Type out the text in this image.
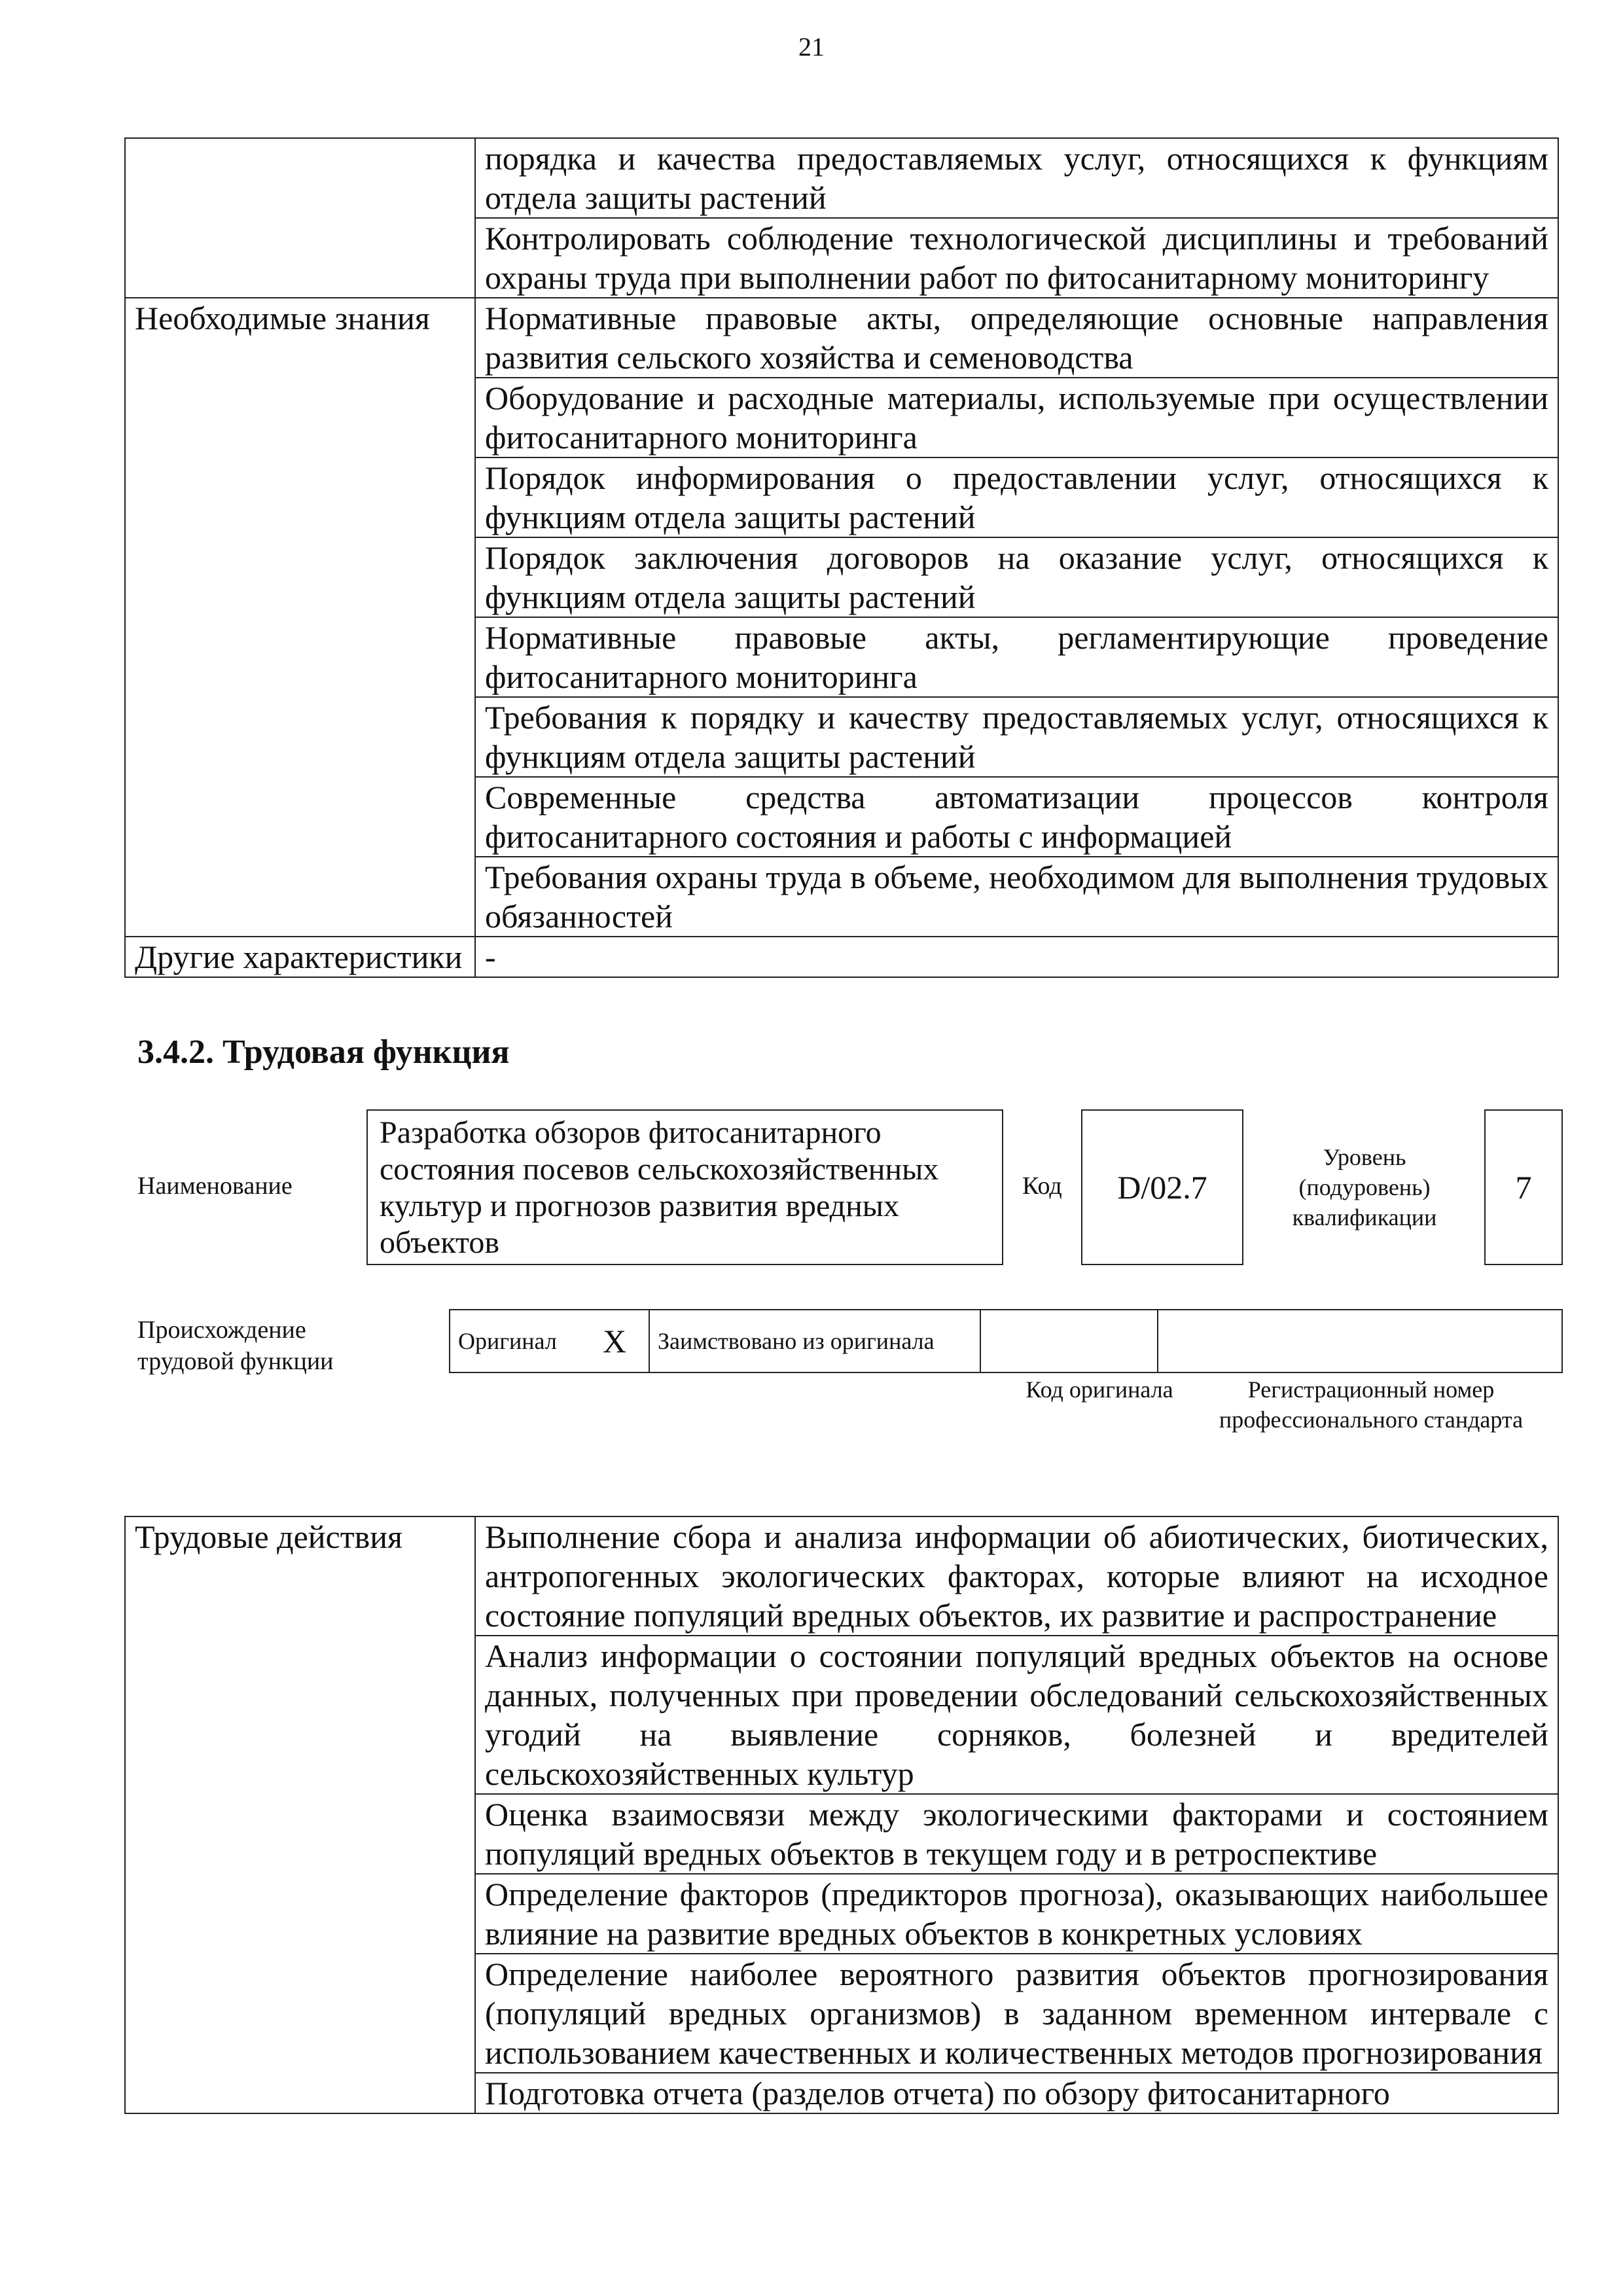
21
	порядка и качества предоставляемых услуг, относящихся к функциям отдела защиты растений
	Контролировать соблюдение технологической дисциплины и требований охраны труда при выполнении работ по фитосанитарному мониторингу
Необходимые знания	Нормативные правовые акты, определяющие основные направления развития сельского хозяйства и семеноводства
	Оборудование и расходные материалы, используемые при осуществлении фитосанитарного мониторинга
	Порядок информирования о предоставлении услуг, относящихся к функциям отдела защиты растений
	Порядок заключения договоров на оказание услуг, относящихся к функциям отдела защиты растений
	Нормативные правовые акты, регламентирующие проведение фитосанитарного мониторинга
	Требования к порядку и качеству предоставляемых услуг, относящихся к функциям отдела защиты растений
	Современные средства автоматизации процессов контроля фитосанитарного состояния и работы с информацией
	Требования охраны труда в объеме, необходимом для выполнения трудовых обязанностей
Другие характеристики	-
3.4.2. Трудовая функция
Наименование
Разработка обзоров фитосанитарного состояния посевов сельскохозяйственных культур и прогнозов развития вредных объектов
Код	D/02.7
Уровень (подуровень) квалификации
7
Происхождение трудовой функции
Оригинал	X	Заимствовано из оригинала		
Код оригинала	Регистрационный номер профессионального стандарта
Трудовые действия	Выполнение сбора и анализа информации об абиотических, биотических, антропогенных экологических факторах, которые влияют на исходное состояние популяций вредных объектов, их развитие и распространение
Анализ информации о состоянии популяций вредных объектов на основе данных, полученных при проведении обследований сельскохозяйственных угодий на выявление сорняков, болезней и вредителей сельскохозяйственных культур
Оценка взаимосвязи между экологическими факторами и состоянием популяций вредных объектов в текущем году и в ретроспективе
Определение факторов (предикторов прогноза), оказывающих наибольшее влияние на развитие вредных объектов в конкретных условиях
Определение наиболее вероятного развития объектов прогнозирования (популяций вредных организмов) в заданном временном интервале с использованием качественных и количественных методов прогнозирования
Подготовка отчета (разделов отчета) по обзору фитосанитарного
